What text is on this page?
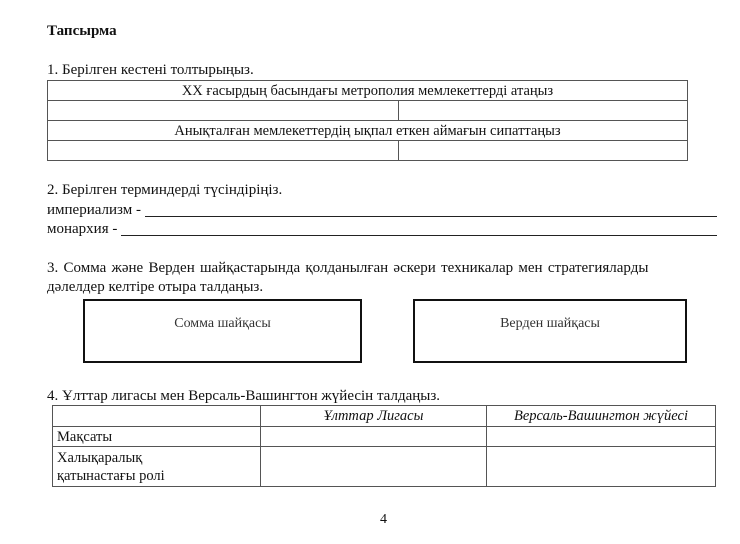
Тапсырма
1. Берілген кестені толтырыңыз.
XX ғасырдың басындағы метрополия мемлекеттерді атаңыз	

Анықталған мемлекеттердің ықпал еткен аймағын сипаттаңыз	

2. Берілген терминдерді түсіндіріңіз.
империализм -
монархия -
3. Сомма және Верден шайқастарында қолданылған әскери техникалар мен стратегияларды
дәлелдер келтіре отыра талдаңыз.
Сомма шайқасы	Верден шайқасы
4. Ұлттар лигасы мен Версаль-Вашингтон жүйесін талдаңыз.
	Ұлттар Лигасы	Версаль-Вашингтон жүйесі
Мақсаты		
Халықаралық
қатынастағы ролі		
4
